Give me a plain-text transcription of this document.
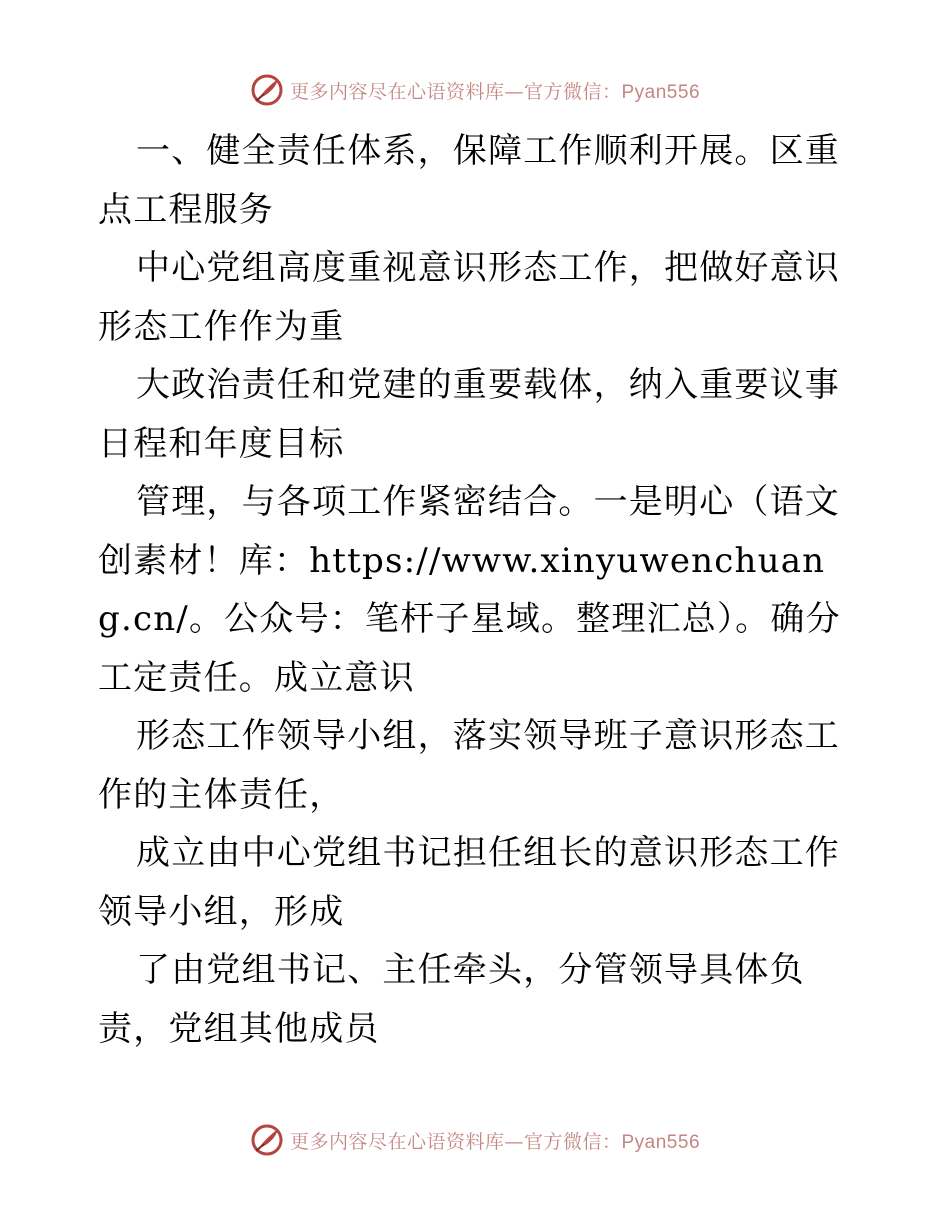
更多内容尽在心语资料库—官方微信：Pyan556

一、健全责任体系，保障工作顺利开展。区重点工程服务

中心党组高度重视意识形态工作，把做好意识形态工作作为重

大政治责任和党建的重要载体，纳入重要议事日程和年度目标

管理，与各项工作紧密结合。一是明心（语文创素材！库：https://www.xinyuwenchuang.cn/。公众号：笔杆子星域。整理汇总）。确分工定责任。成立意识

形态工作领导小组，落实领导班子意识形态工作的主体责任，

成立由中心党组书记担任组长的意识形态工作领导小组，形成

了由党组书记、主任牵头，分管领导具体负责，党组其他成员

更多内容尽在心语资料库—官方微信：Pyan556
